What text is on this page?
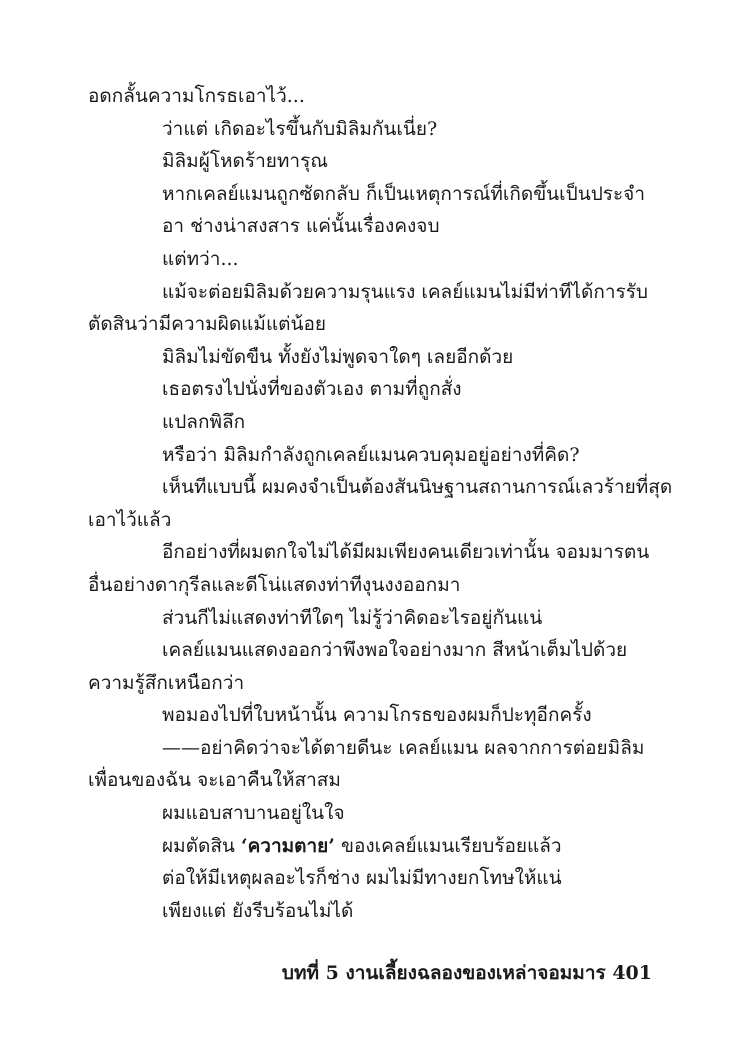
อดกลั้นความโกรธเอาไว้...
ว่าแต่ เกิดอะไรขึ้นกับมิลิมกันเนี่ย?
มิลิมผู้โหดร้ายทารุณ
หากเคลย์แมนถูกซัดกลับ ก็เป็นเหตุการณ์ที่เกิดขึ้นเป็นประจำ
อา ช่างน่าสงสาร แค่นั้นเรื่องคงจบ
แต่ทว่า...
แม้จะต่อยมิลิมด้วยความรุนแรง เคลย์แมนไม่มีท่าทีได้การรับ
ตัดสินว่ามีความผิดแม้แต่น้อย
มิลิมไม่ขัดขืน ทั้งยังไม่พูดจาใดๆ เลยอีกด้วย
เธอตรงไปนั่งที่ของตัวเอง ตามที่ถูกสั่ง
แปลกพิลึก
หรือว่า มิลิมกำลังถูกเคลย์แมนควบคุมอยู่อย่างที่คิด?
เห็นทีแบบนี้ ผมคงจำเป็นต้องสันนิษฐานสถานการณ์เลวร้ายที่สุด
เอาไว้แล้ว
อีกอย่างที่ผมตกใจไม่ได้มีผมเพียงคนเดียวเท่านั้น จอมมารตน
อื่นอย่างดากุรีลและดีโน่แสดงท่าทีงุนงงออกมา
ส่วนกีไม่แสดงท่าทีใดๆ ไม่รู้ว่าคิดอะไรอยู่กันแน่
เคลย์แมนแสดงออกว่าพึงพอใจอย่างมาก สีหน้าเต็มไปด้วย
ความรู้สึกเหนือกว่า
พอมองไปที่ใบหน้านั้น ความโกรธของผมก็ปะทุอีกครั้ง
——อย่าคิดว่าจะได้ตายดีนะ เคลย์แมน ผลจากการต่อยมิลิม
เพื่อนของฉัน จะเอาคืนให้สาสม
ผมแอบสาบานอยู่ในใจ
ผมตัดสิน ‘ความตาย’ ของเคลย์แมนเรียบร้อยแล้ว
ต่อให้มีเหตุผลอะไรก็ช่าง ผมไม่มีทางยกโทษให้แน่
เพียงแต่ ยังรีบร้อนไม่ได้
บทที่ 5 งานเลี้ยงฉลองของเหล่าจอมมาร 401
